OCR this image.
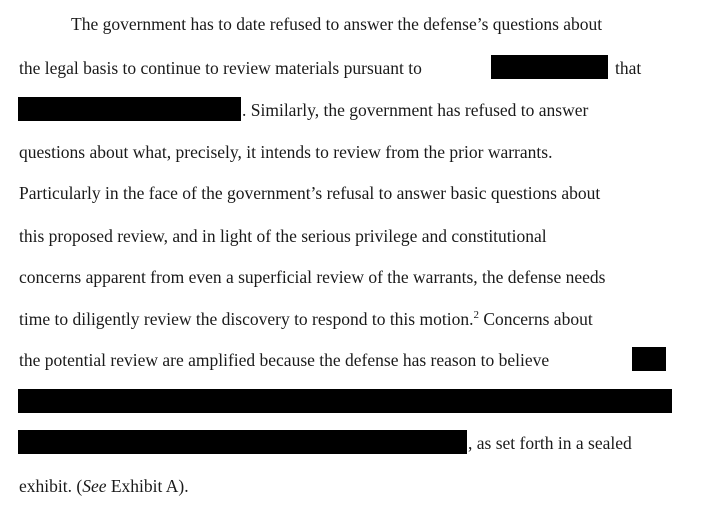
The government has to date refused to answer the defense’s questions about
the legal basis to continue to review materials pursuant to	that
. Similarly, the government has refused to answer
questions about what, precisely, it intends to review from the prior warrants.
Particularly in the face of the government’s refusal to answer basic questions about
this proposed review, and in light of the serious privilege and constitutional
concerns apparent from even a superficial review of the warrants, the defense needs
time to diligently review the discovery to respond to this motion.$^2$ Concerns about
the potential review are amplified because the defense has reason to believe
, as set forth in a sealed
exhibit. (See Exhibit A).
